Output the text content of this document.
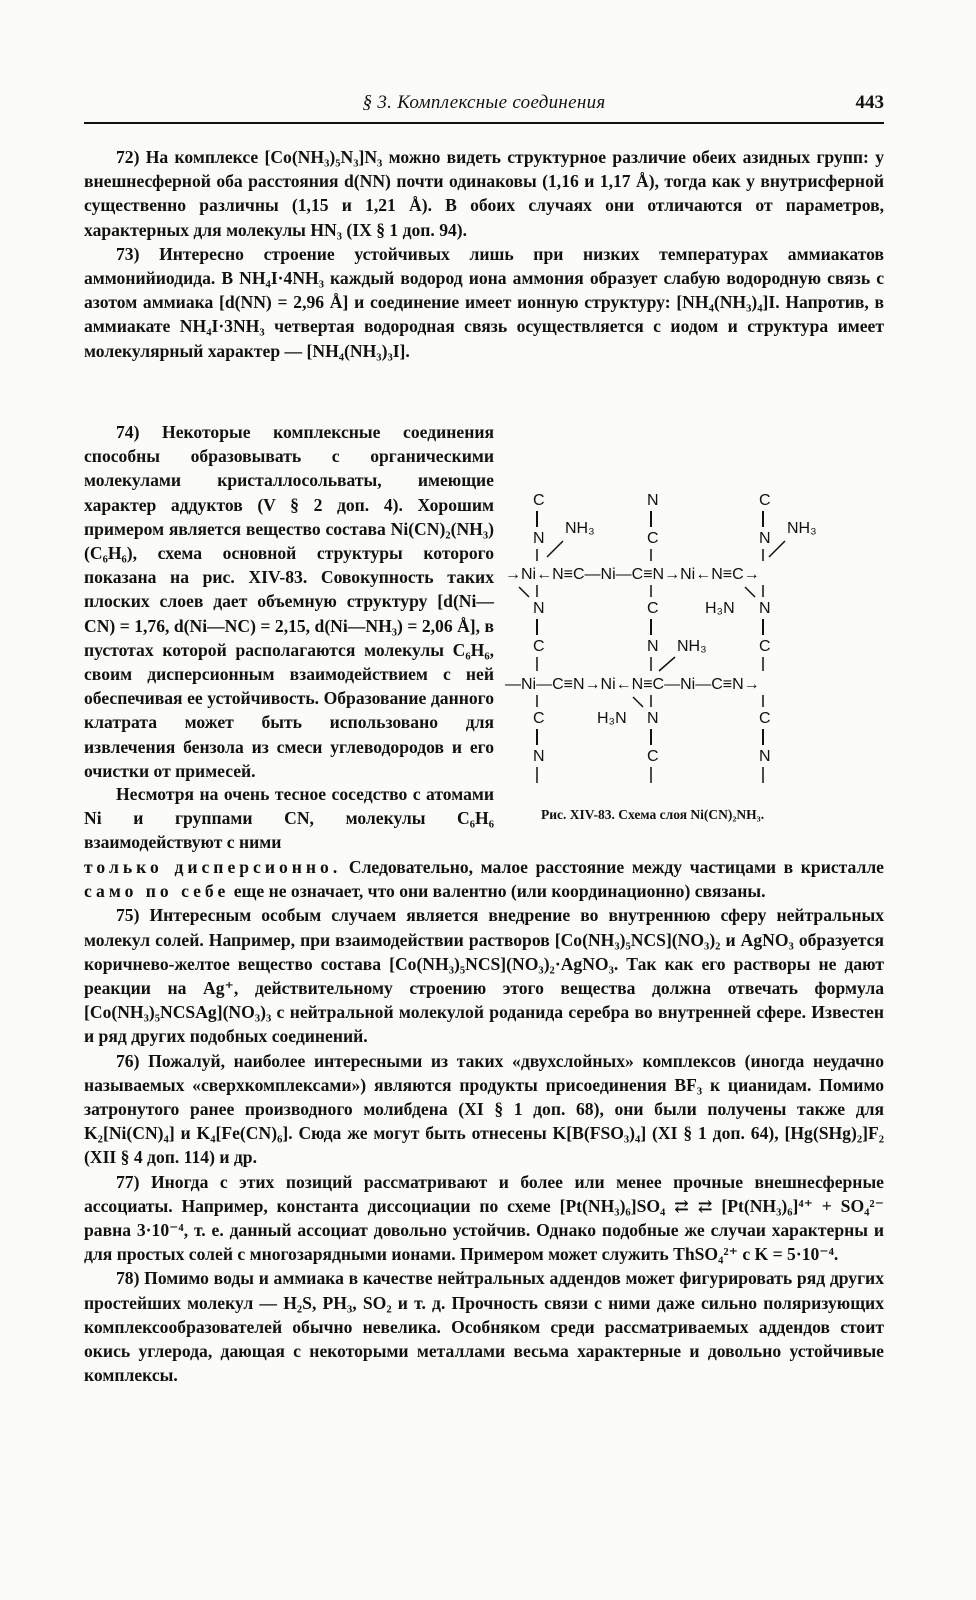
§ 3. Комплексные соединения	443

72) На комплексе [Co(NH₃)₅N₃]N₃ можно видеть структурное различие обеих азидных групп: у внешнесферной оба расстояния d(NN) почти одинаковы (1,16 и 1,17 Å), тогда как у внутрисферной существенно различны (1,15 и 1,21 Å). В обоих случаях они отличаются от параметров, характерных для молекулы HN₃ (IX § 1 доп. 94).

73) Интересно строение устойчивых лишь при низких температурах аммиакатов аммонийиодида. В NH₄I·4NH₃ каждый водород иона аммония образует слабую водородную связь с азотом аммиака [d(NN) = 2,96 Å] и соединение имеет ионную структуру: [NH₄(NH₃)₄]I. Напротив, в аммиакате NH₄I·3NH₃ четвертая водородная связь осуществляется с иодом и структура имеет молекулярный характер — [NH₄(NH₃)₃I].

74) Некоторые комплексные соединения способны образовывать с органическими молекулами кристаллосольваты, имеющие характер аддуктов (V § 2 доп. 4). Хорошим примером является вещество состава Ni(CN)₂(NH₃)(C₆H₆), схема основной структуры которого показана на рис. XIV-83. Совокупность таких плоских слоев дает объемную структуру [d(Ni—CN) = 1,76, d(Ni—NC) = 2,15, d(Ni—NH₃) = 2,06 Å], в пустотах которой располагаются молекулы C₆H₆, своим дисперсионным взаимодействием с ней обеспечивая ее устойчивость. Образование данного клатрата может быть использовано для извлечения бензола из смеси углеводородов и его очистки от примесей.

C	N	C
N	C	N
NH₃	NH₃
→Ni←N≡C—Ni—C≡N→Ni←N≡C→
N	C	H₃N N
C	N NH₃	C
—Ni—C≡N→Ni←N≡C—Ni—C≡N→
C	H₃N N	C
N	C	N
Рис. XIV-83. Схема слоя Ni(CN)₂NH₃.

Несмотря на очень тесное соседство с атомами Ni и группами CN, молекулы C₆H₆ взаимодействуют с ними

только дисперсионно. Следовательно, малое расстояние между частицами в кристалле само по себе еще не означает, что они валентно (или координационно) связаны.

75) Интересным особым случаем является внедрение во внутреннюю сферу нейтральных молекул солей. Например, при взаимодействии растворов [Co(NH₃)₅NCS](NO₃)₂ и AgNO₃ образуется коричнево-желтое вещество состава [Co(NH₃)₅NCS](NO₃)₂·AgNO₃. Так как его растворы не дают реакции на Ag⁺, действительному строению этого вещества должна отвечать формула [Co(NH₃)₅NCSAg](NO₃)₃ с нейтральной молекулой роданида серебра во внутренней сфере. Известен и ряд других подобных соединений.

76) Пожалуй, наиболее интересными из таких «двухслойных» комплексов (иногда неудачно называемых «сверхкомплексами») являются продукты присоединения BF₃ к цианидам. Помимо затронутого ранее производного молибдена (XI § 1 доп. 68), они были получены также для K₂[Ni(CN)₄] и K₄[Fe(CN)₆]. Сюда же могут быть отнесены K[B(FSO₃)₄] (XI § 1 доп. 64), [Hg(SHg)₂]F₂ (XII § 4 доп. 114) и др.

77) Иногда с этих позиций рассматривают и более или менее прочные внешнесферные ассоциаты. Например, константа диссоциации по схеме [Pt(NH₃)₆]SO₄ ⇄ ⇄ [Pt(NH₃)₆]⁴⁺ + SO₄²⁻ равна 3·10⁻⁴, т. е. данный ассоциат довольно устойчив. Однако подобные же случаи характерны и для простых солей с многозарядными ионами. Примером может служить ThSO₄²⁺ с K = 5·10⁻⁴.

78) Помимо воды и аммиака в качестве нейтральных аддендов может фигурировать ряд других простейших молекул — H₂S, PH₃, SO₂ и т. д. Прочность связи с ними даже сильно поляризующих комплексообразователей обычно невелика. Особняком среди рассматриваемых аддендов стоит окись углерода, дающая с некоторыми металлами весьма характерные и довольно устойчивые комплексы.
